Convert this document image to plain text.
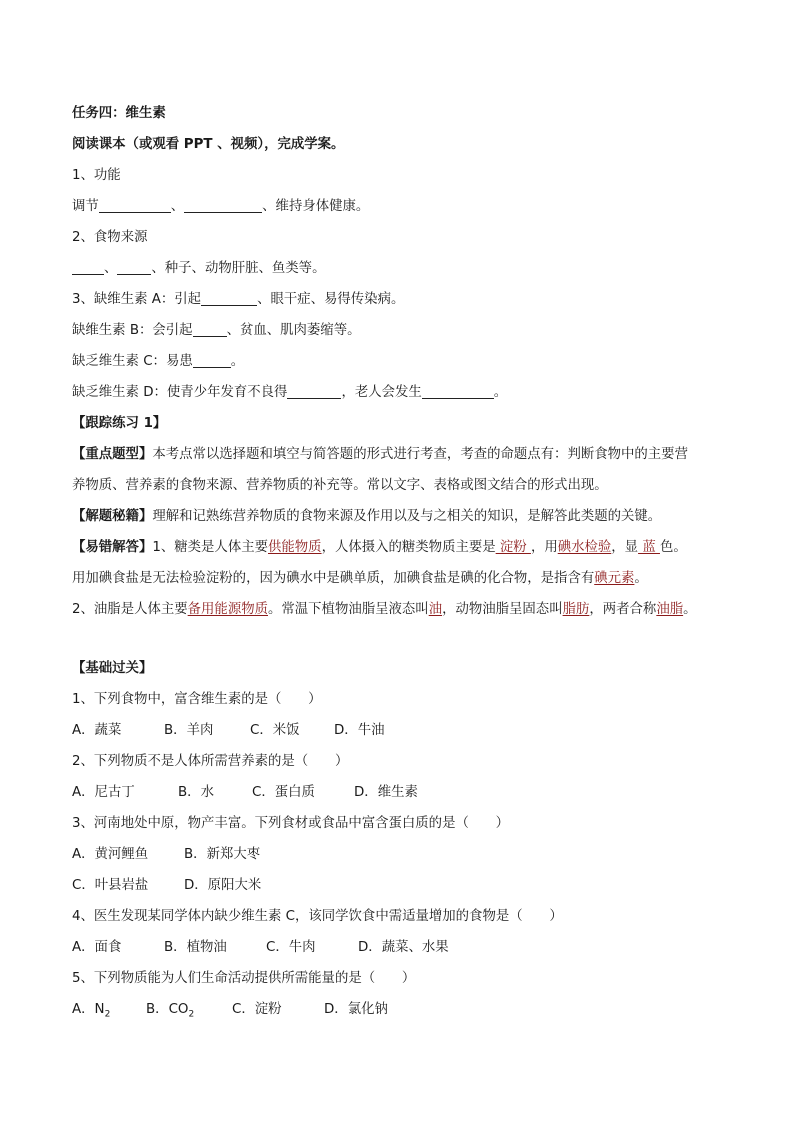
任务四：维生素
阅读课本（或观看 PPT 、视频），完成学案。
1、功能
调节	、	、维持身体健康。
2、食物来源
、	、种子、动物肝脏、鱼类等。
3、缺维生素 A：引起	、眼干症、易得传染病。
缺维生素 B：会引起	、贫血、肌肉萎缩等。
缺乏维生素 C：易患	。
缺乏维生素 D：使青少年发育不良得	，老人会发生	。
【跟踪练习 1】
【重点题型】本考点常以选择题和填空与简答题的形式进行考查，考查的命题点有：判断食物中的主要营
养物质、营养素的食物来源、营养物质的补充等。常以文字、表格或图文结合的形式出现。
【解题秘籍】理解和记熟练营养物质的食物来源及作用以及与之相关的知识，是解答此类题的关键。
【易错解答】1、糖类是人体主要供能物质，人体摄入的糖类物质主要是 淀粉 ，用碘水检验，显 蓝 色。
用加碘食盐是无法检验淀粉的，因为碘水中是碘单质，加碘食盐是碘的化合物，是指含有碘元素。
2、油脂是人体主要备用能源物质。常温下植物油脂呈液态叫油，动物油脂呈固态叫脂肪，两者合称油脂。
【基础过关】
1、下列食物中，富含维生素的是（　　）
A．蔬菜	B．羊肉	C．米饭	D．牛油
2、下列物质不是人体所需营养素的是（　　）
A．尼古丁	B．水	C．蛋白质	D．维生素
3、河南地处中原，物产丰富。下列食材或食品中富含蛋白质的是（　　）
A．黄河鲤鱼	B．新郑大枣
C．叶县岩盐	D．原阳大米
4、医生发现某同学体内缺少维生素 C，该同学饮食中需适量增加的食物是（　　）
A．面食	B．植物油	C．牛肉	D．蔬菜、水果
5、下列物质能为人们生命活动提供所需能量的是（　　）
A．$N_2$	B．$CO_2$	C．淀粉	D．氯化钠
